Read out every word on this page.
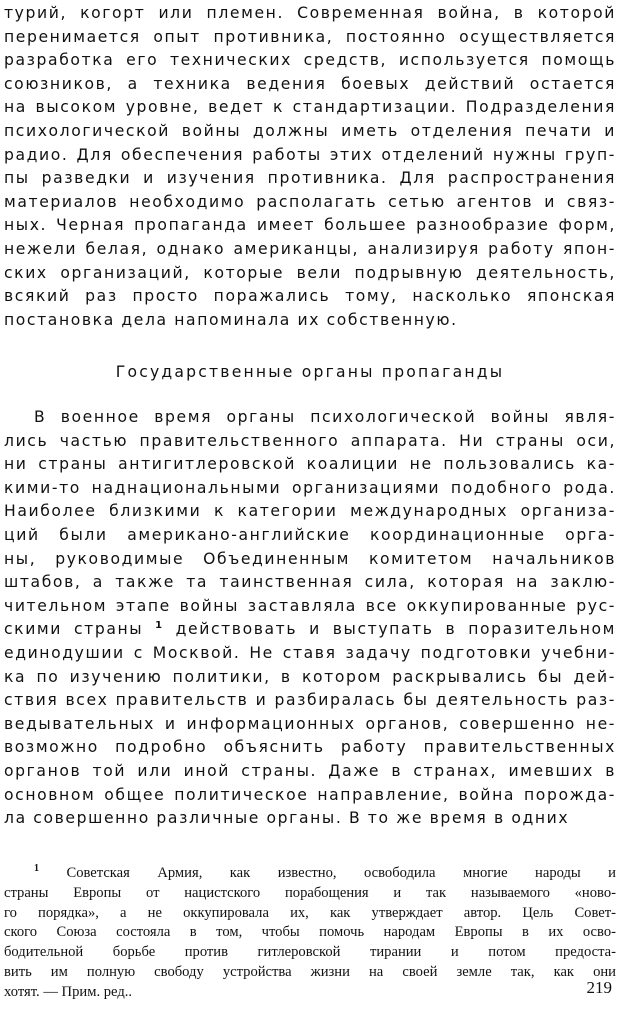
турий, когорт или племен. Современная война, в которой
перенимается опыт противника, постоянно осуществляется
разработка его технических средств, используется помощь
союзников, а техника ведения боевых действий остается
на высоком уровне, ведет к стандартизации. Подразделения
психологической войны должны иметь отделения печати и
радио. Для обеспечения работы этих отделений нужны груп-
пы разведки и изучения противника. Для распространения
материалов необходимо располагать сетью агентов и связ-
ных. Черная пропаганда имеет большее разнообразие форм,
нежели белая, однако американцы, анализируя работу япон-
ских организаций, которые вели подрывную деятельность,
всякий раз просто поражались тому, насколько японская
постановка дела напоминала их собственную.
Государственные органы пропаганды
В военное время органы психологической войны явля-
лись частью правительственного аппарата. Ни страны оси,
ни страны антигитлеровской коалиции не пользовались ка-
кими-то наднациональными организациями подобного рода.
Наиболее близкими к категории международных организа-
ций были американо-английские координационные орга-
ны, руководимые Объединенным комитетом начальников
штабов, а также та таинственная сила, которая на заклю-
чительном этапе войны заставляла все оккупированные рус-
скими страны $^1$ действовать и выступать в поразительном
единодушии с Москвой. Не ставя задачу подготовки учебни-
ка по изучению политики, в котором раскрывались бы дей-
ствия всех правительств и разбиралась бы деятельность раз-
ведывательных и информационных органов, совершенно не-
возможно подробно объяснить работу правительственных
органов той или иной страны. Даже в странах, имевших в
основном общее политическое направление, война порожда-
ла совершенно различные органы. В то же время в одних
$^1$ Советская Армия, как известно, освободила многие народы и
страны Европы от нацистского порабощения и так называемого «ново-
го порядка», а не оккупировала их, как утверждает автор. Цель Совет-
ского Союза состояла в том, чтобы помочь народам Европы в их осво-
бодительной борьбе против гитлеровской тирании и потом предоста-
вить им полную свободу устройства жизни на своей земле так, как они
хотят. — Прим. ред..	219
